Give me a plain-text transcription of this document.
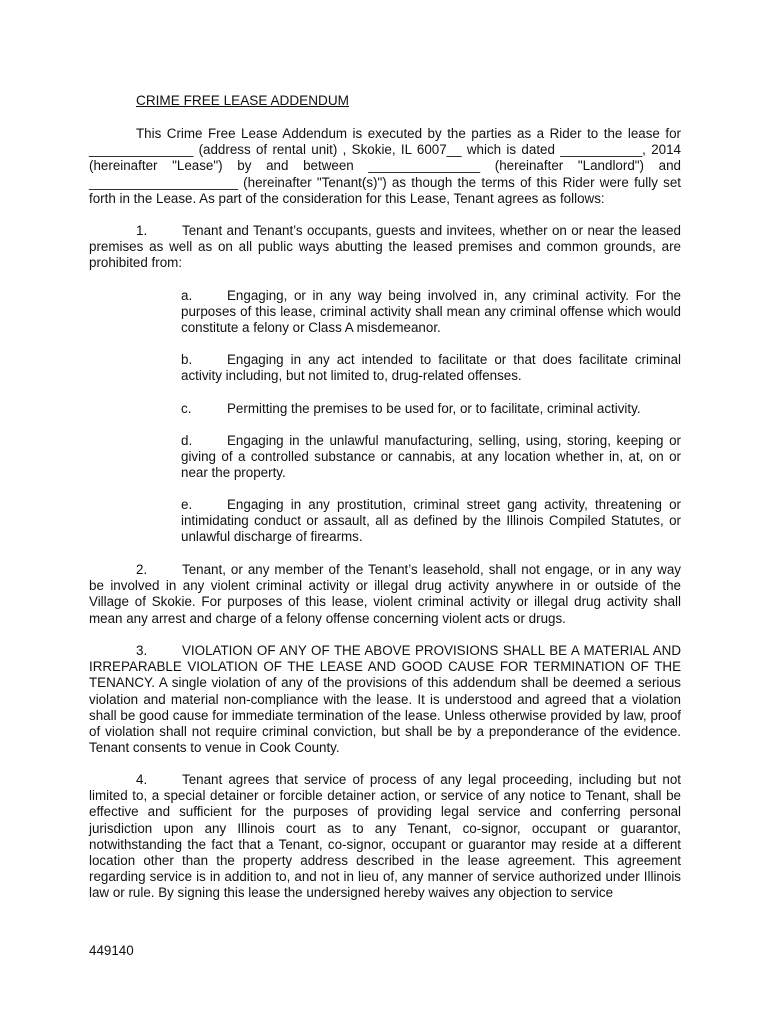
CRIME FREE LEASE ADDENDUM

This Crime Free Lease Addendum is executed by the parties as a Rider to the lease for ______________ (address of rental unit) , Skokie, IL 6007__ which is dated ___________, 2014 (hereinafter "Lease") by and between _______________ (hereinafter "Landlord") and ____________________ (hereinafter "Tenant(s)") as though the terms of this Rider were fully set forth in the Lease. As part of the consideration for this Lease, Tenant agrees as follows:

1.	Tenant and Tenant’s occupants, guests and invitees, whether on or near the leased premises as well as on all public ways abutting the leased premises and common grounds, are prohibited from:

a.	Engaging, or in any way being involved in, any criminal activity. For the purposes of this lease, criminal activity shall mean any criminal offense which would constitute a felony or Class A misdemeanor.

b.	Engaging in any act intended to facilitate or that does facilitate criminal activity including, but not limited to, drug-related offenses.

c.	Permitting the premises to be used for, or to facilitate, criminal activity.

d.	Engaging in the unlawful manufacturing, selling, using, storing, keeping or giving of a controlled substance or cannabis, at any location whether in, at, on or near the property.

e.	Engaging in any prostitution, criminal street gang activity, threatening or intimidating conduct or assault, all as defined by the Illinois Compiled Statutes, or unlawful discharge of firearms.

2.	Tenant, or any member of the Tenant’s leasehold, shall not engage, or in any way be involved in any violent criminal activity or illegal drug activity anywhere in or outside of the Village of Skokie. For purposes of this lease, violent criminal activity or illegal drug activity shall mean any arrest and charge of a felony offense concerning violent acts or drugs.

3.	VIOLATION OF ANY OF THE ABOVE PROVISIONS SHALL BE A MATERIAL AND IRREPARABLE VIOLATION OF THE LEASE AND GOOD CAUSE FOR TERMINATION OF THE TENANCY. A single violation of any of the provisions of this addendum shall be deemed a serious violation and material non-compliance with the lease. It is understood and agreed that a violation shall be good cause for immediate termination of the lease. Unless otherwise provided by law, proof of violation shall not require criminal conviction, but shall be by a preponderance of the evidence. Tenant consents to venue in Cook County.

4.	Tenant agrees that service of process of any legal proceeding, including but not limited to, a special detainer or forcible detainer action, or service of any notice to Tenant, shall be effective and sufficient for the purposes of providing legal service and conferring personal jurisdiction upon any Illinois court as to any Tenant, co-signor, occupant or guarantor, notwithstanding the fact that a Tenant, co-signor, occupant or guarantor may reside at a different location other than the property address described in the lease agreement. This agreement regarding service is in addition to, and not in lieu of, any manner of service authorized under Illinois law or rule. By signing this lease the undersigned hereby waives any objection to service

449140
